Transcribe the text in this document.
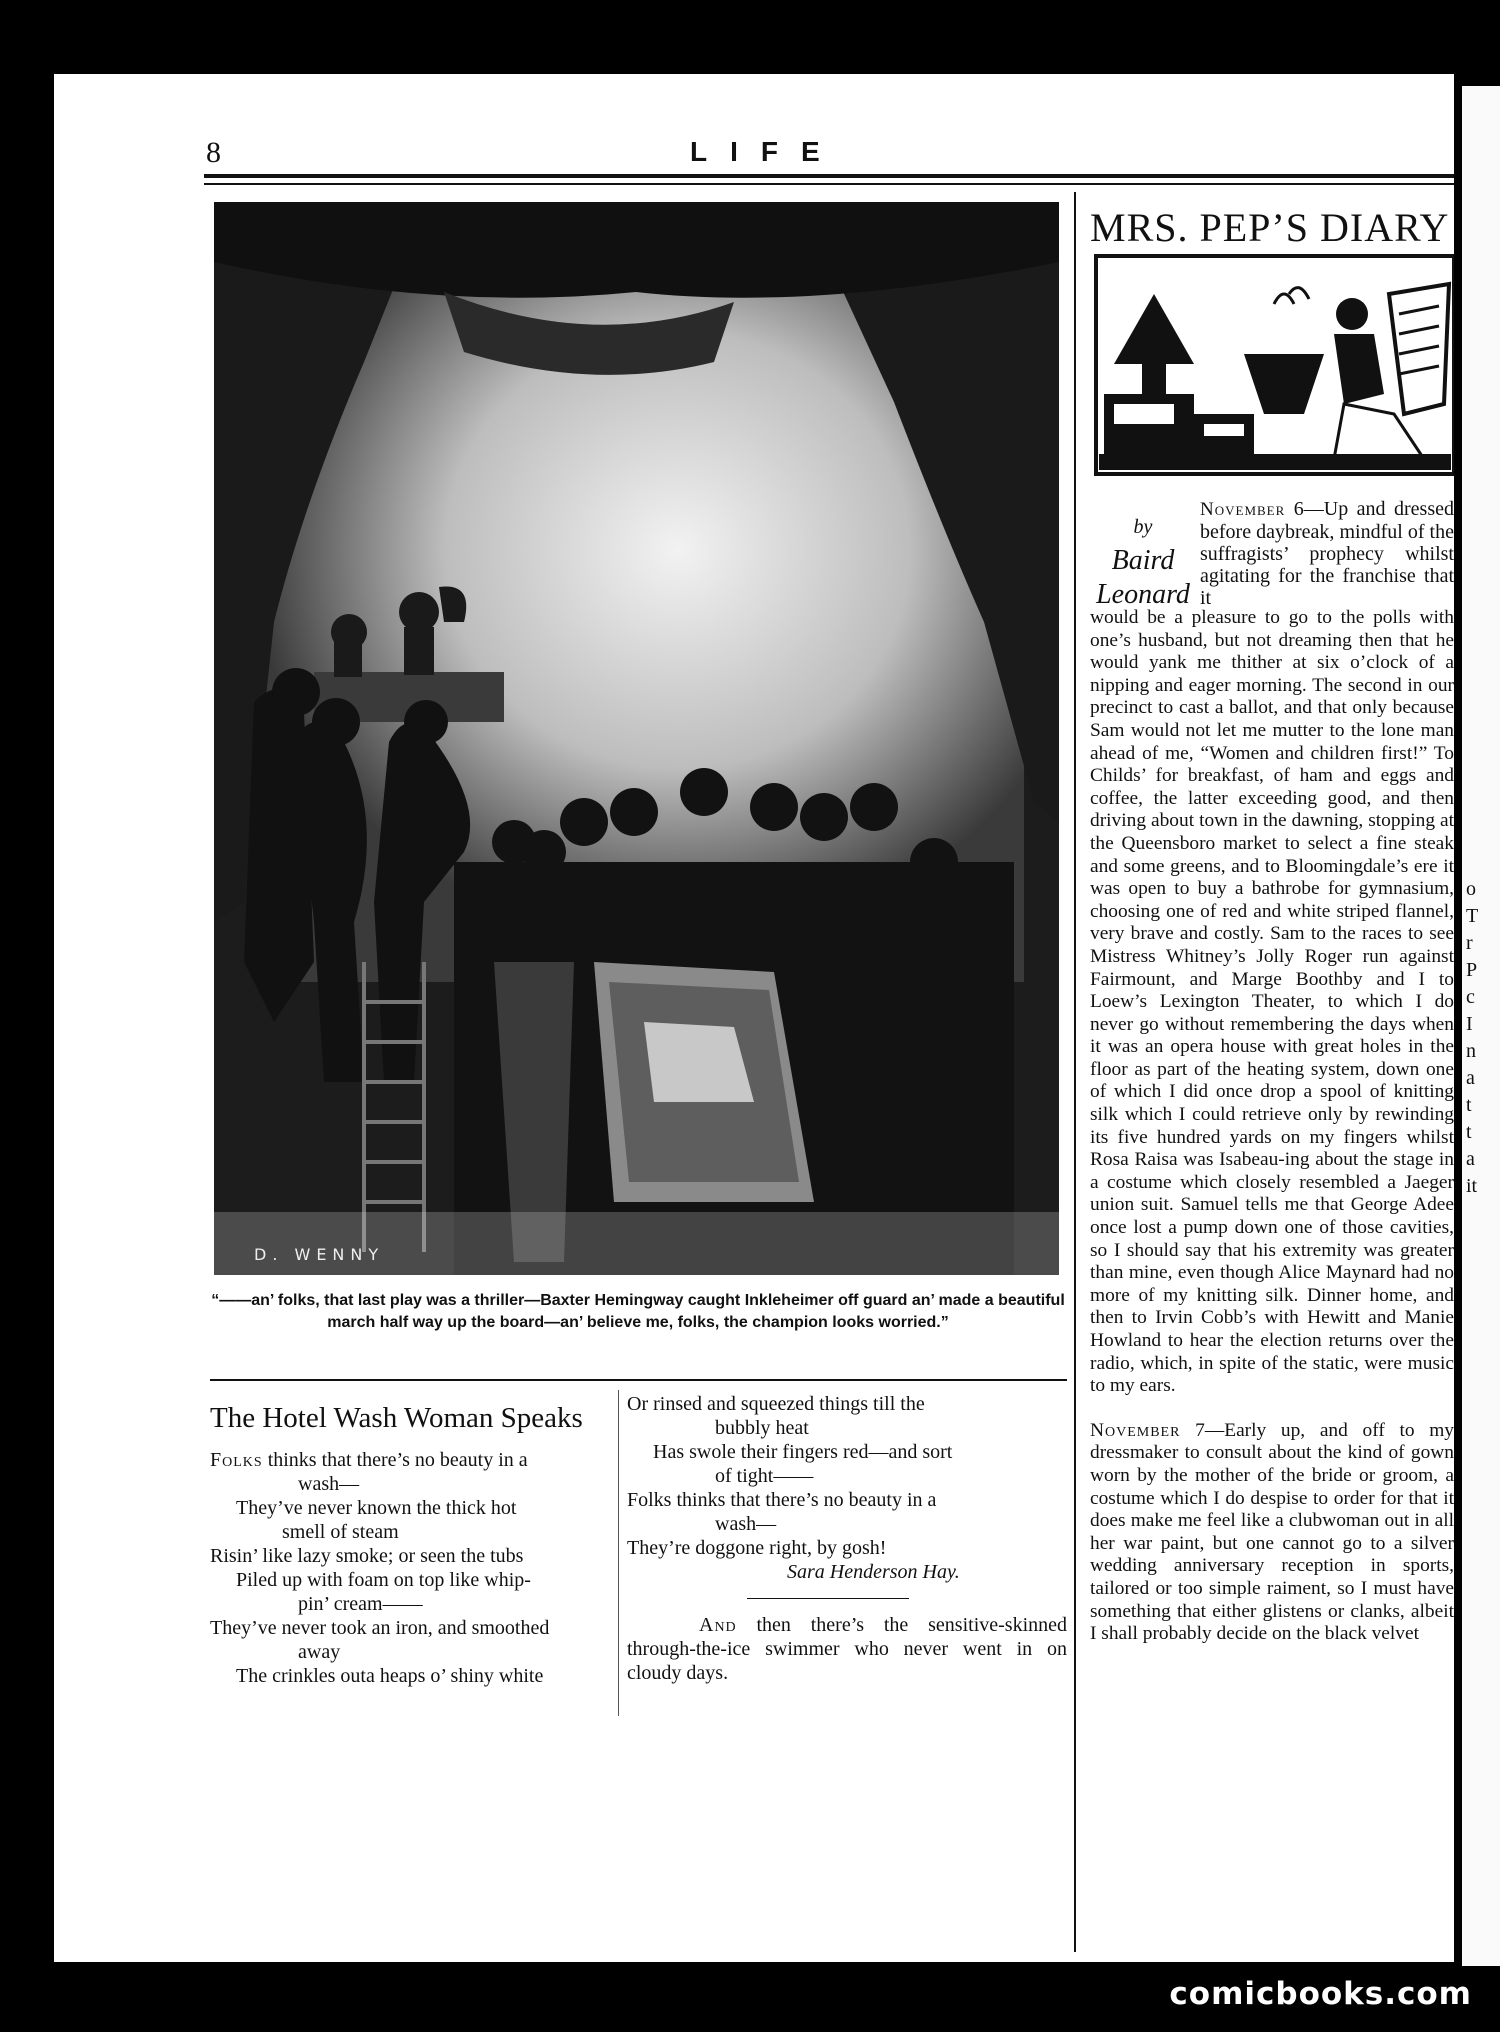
8	LIFE
D. WENNY
“——an’ folks, that last play was a thriller—Baxter Hemingway caught Inkleheimer off guard an’ made a beautiful march half way up the board—an’ believe me, folks, the champion looks worried.”
The Hotel Wash Woman Speaks
Folks thinks that there’s no beauty in a
wash—
They’ve never known the thick hot
smell of steam
Risin’ like lazy smoke; or seen the tubs
Piled up with foam on top like whip-
pin’ cream——
They’ve never took an iron, and smoothed
away
The crinkles outa heaps o’ shiny white
Or rinsed and squeezed things till the
bubbly heat
Has swole their fingers red—and sort
of tight——
Folks thinks that there’s no beauty in a
wash—
They’re doggone right, by gosh!
Sara Henderson Hay.
And then there’s the sensitive-skinned through-the-ice swimmer who never went in on cloudy days.
MRS. PEP’S DIARY
by
Baird
Leonard

November 6—Up and dressed before daybreak, mindful of the suffragists’ prophecy whilst agitating for the franchise that it

would be a pleasure to go to the polls with one’s husband, but not dreaming then that he would yank me thither at six o’clock of a nipping and eager morning. The second in our precinct to cast a ballot, and that only because Sam would not let me mutter to the lone man ahead of me, “Women and children first!” To Childs’ for breakfast, of ham and eggs and coffee, the latter exceeding good, and then driving about town in the dawning, stopping at the Queensboro market to select a fine steak and some greens, and to Bloomingdale’s ere it was open to buy a bathrobe for gymnasium, choosing one of red and white striped flannel, very brave and costly. Sam to the races to see Mistress Whitney’s Jolly Roger run against Fairmount, and Marge Boothby and I to Loew’s Lexington Theater, to which I do never go without remembering the days when it was an opera house with great holes in the floor as part of the heating system, down one of which I did once drop a spool of knitting silk which I could retrieve only by rewinding its five hundred yards on my fingers whilst Rosa Raisa was Isabeau-ing about the stage in a costume which closely resembled a Jaeger union suit. Samuel tells me that George Adee once lost a pump down one of those cavities, so I should say that his extremity was greater than mine, even though Alice Maynard had no more of my knitting silk. Dinner home, and then to Irvin Cobb’s with Hewitt and Manie Howland to hear the election returns over the radio, which, in spite of the static, were music to my ears.

November 7—Early up, and off to my dressmaker to consult about the kind of gown worn by the mother of the bride or groom, a costume which I do despise to order for that it does make me feel like a clubwoman out in all her war paint, but one cannot go to a silver wedding anniversary reception in sports, tailored or too simple raiment, so I must have something that either glistens or clanks, albeit I shall probably decide on the black velvet

o
T
r
P
c
I
n
a
t
t
a
it
comicbooks.com
